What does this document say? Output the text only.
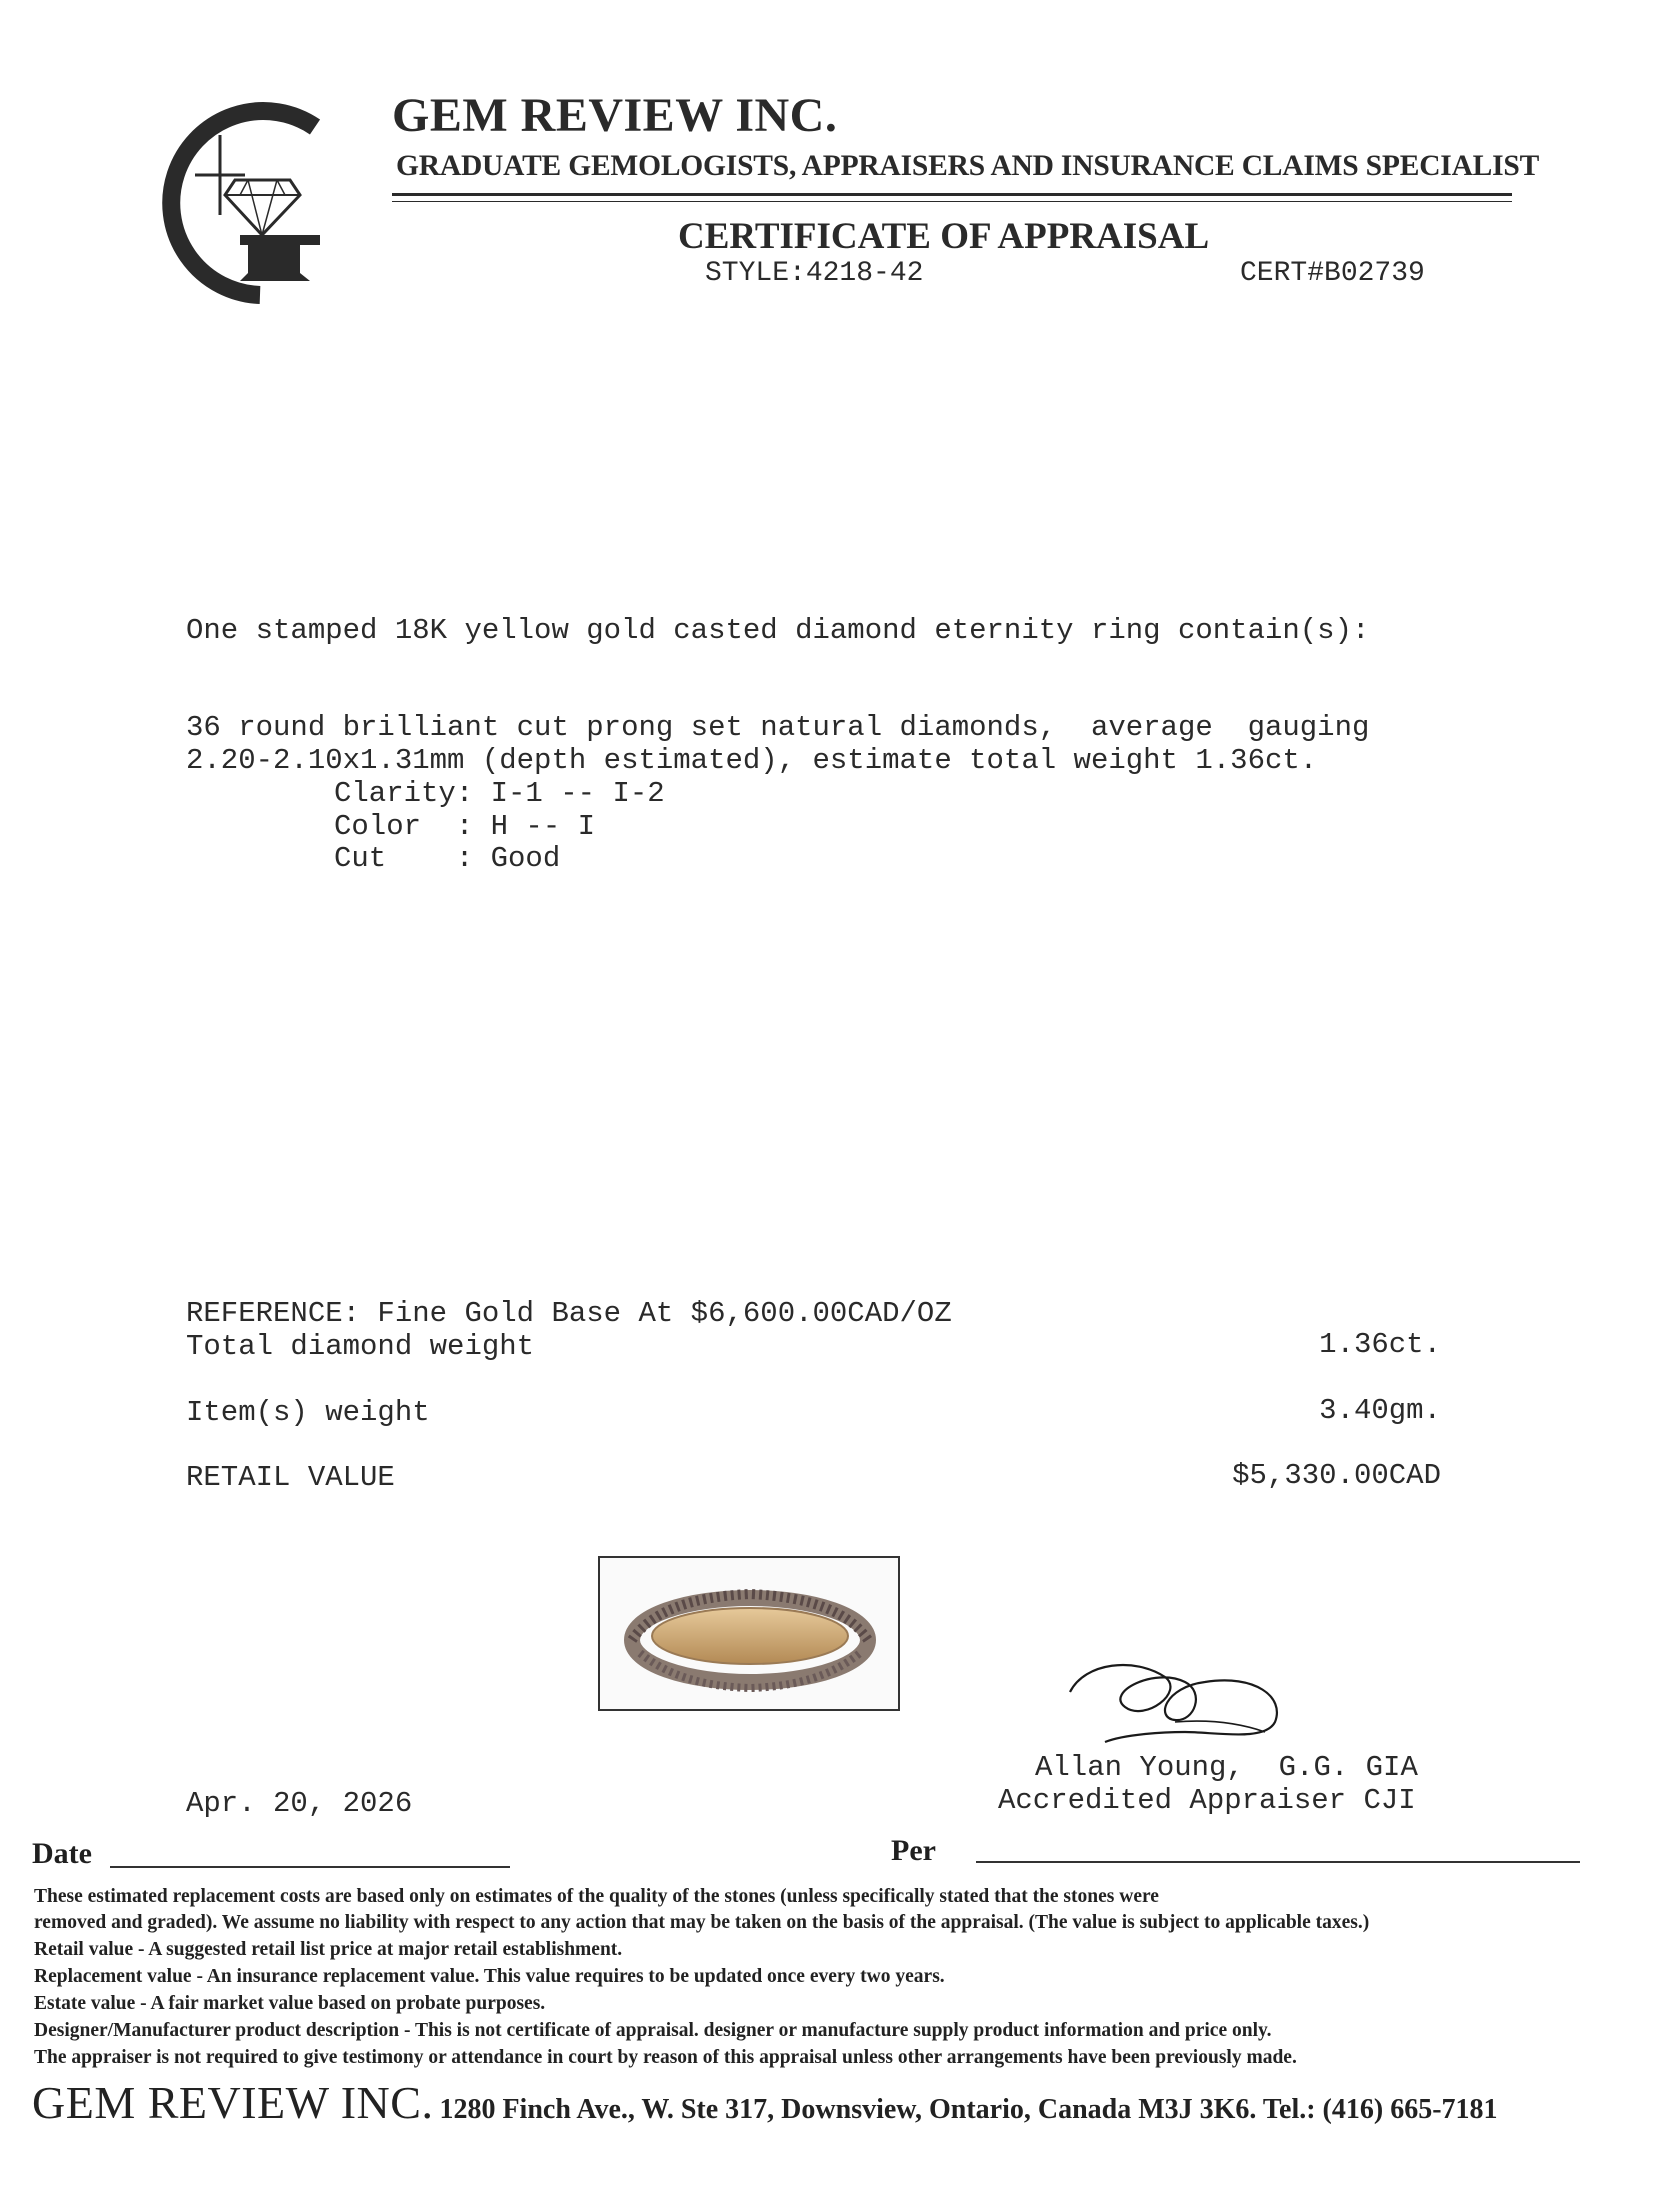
GEM REVIEW INC.
GRADUATE GEMOLOGISTS, APPRAISERS AND INSURANCE CLAIMS SPECIALIST
CERTIFICATE OF APPRAISAL
STYLE:4218-42	CERT#B02739
One stamped 18K yellow gold casted diamond eternity ring contain(s):
36 round brilliant cut prong set natural diamonds,  average  gauging
2.20-2.10x1.31mm (depth estimated), estimate total weight 1.36ct.
Clarity: I-1 -- I-2
Color  : H -- I
Cut    : Good
REFERENCE: Fine Gold Base At $6,600.00CAD/OZ
Total diamond weight	1.36ct.
Item(s) weight	3.40gm.
RETAIL VALUE	$5,330.00CAD
Allan Young,  G.G. GIA
Accredited Appraiser CJI
Apr. 20, 2026
Date	Per
These estimated replacement costs are based only on estimates of the quality of the stones (unless specifically stated that the stones were
removed and graded). We assume no liability with respect to any action that may be taken on the basis of the appraisal. (The value is subject to applicable taxes.)
Retail value - A suggested retail list price at major retail establishment.
Replacement value - An insurance replacement value. This value requires to be updated once every two years.
Estate value - A fair market value based on probate purposes.
Designer/Manufacturer product description - This is not certificate of appraisal. designer or manufacture supply product information and price only.
The appraiser is not required to give testimony or attendance in court by reason of this appraisal unless other arrangements have been previously made.
GEM REVIEW INC. 1280 Finch Ave., W. Ste 317, Downsview, Ontario, Canada M3J 3K6. Tel.: (416) 665-7181
